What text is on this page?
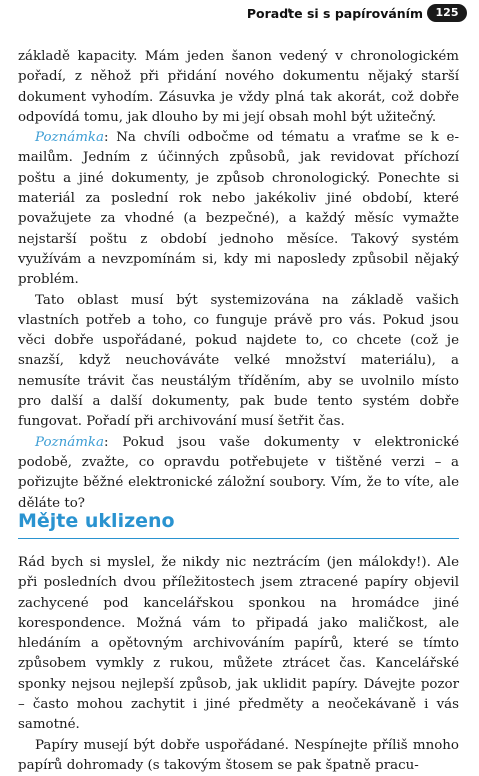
Poraďte si s papírováním	125

základě kapacity. Mám jeden šanon vedený v chronologickém pořadí, z něhož při přidání nového dokumentu nějaký starší dokument vyhodím. Zásuvka je vždy plná tak akorát, což dobře odpovídá tomu, jak dlouho by mi její obsah mohl být užitečný.

Poznámka: Na chvíli odbočme od tématu a vraťme se k e-mailům. Jedním z účinných způsobů, jak revidovat příchozí poštu a jiné dokumenty, je způsob chronologický. Ponechte si materiál za poslední rok nebo jakékoliv jiné období, které považujete za vhodné (a bezpečné), a každý měsíc vymažte nejstarší poštu z období jednoho měsíce. Takový systém využívám a nevzpomínám si, kdy mi naposledy způsobil nějaký problém.

Tato oblast musí být systemizována na základě vašich vlastních potřeb a toho, co funguje právě pro vás. Pokud jsou věci dobře uspořádané, pokud najdete to, co chcete (což je snazší, když neuchováváte velké množství materiálu), a nemusíte trávit čas neustálým tříděním, aby se uvolnilo místo pro další a další dokumenty, pak bude tento systém dobře fungovat. Pořadí při archivování musí šetřit čas.

Poznámka: Pokud jsou vaše dokumenty v elektronické podobě, zvažte, co opravdu potřebujete v tištěné verzi – a pořizujte běžné elektronické záložní soubory. Vím, že to víte, ale děláte to?

Mějte uklizeno

Rád bych si myslel, že nikdy nic neztrácím (jen málokdy!). Ale při posledních dvou příležitostech jsem ztracené papíry objevil zachycené pod kancelářskou sponkou na hromádce jiné korespondence. Možná vám to připadá jako maličkost, ale hledáním a opětovným archivováním papírů, které se tímto způsobem vymkly z rukou, můžete ztrácet čas. Kancelářské sponky nejsou nejlepší způsob, jak uklidit papíry. Dávejte pozor – často mohou zachytit i jiné předměty a neočekávaně i vás samotné.

Papíry musejí být dobře uspořádané. Nespínejte příliš mnoho papírů dohromady (s takovým štosem se pak špatně pracu-
